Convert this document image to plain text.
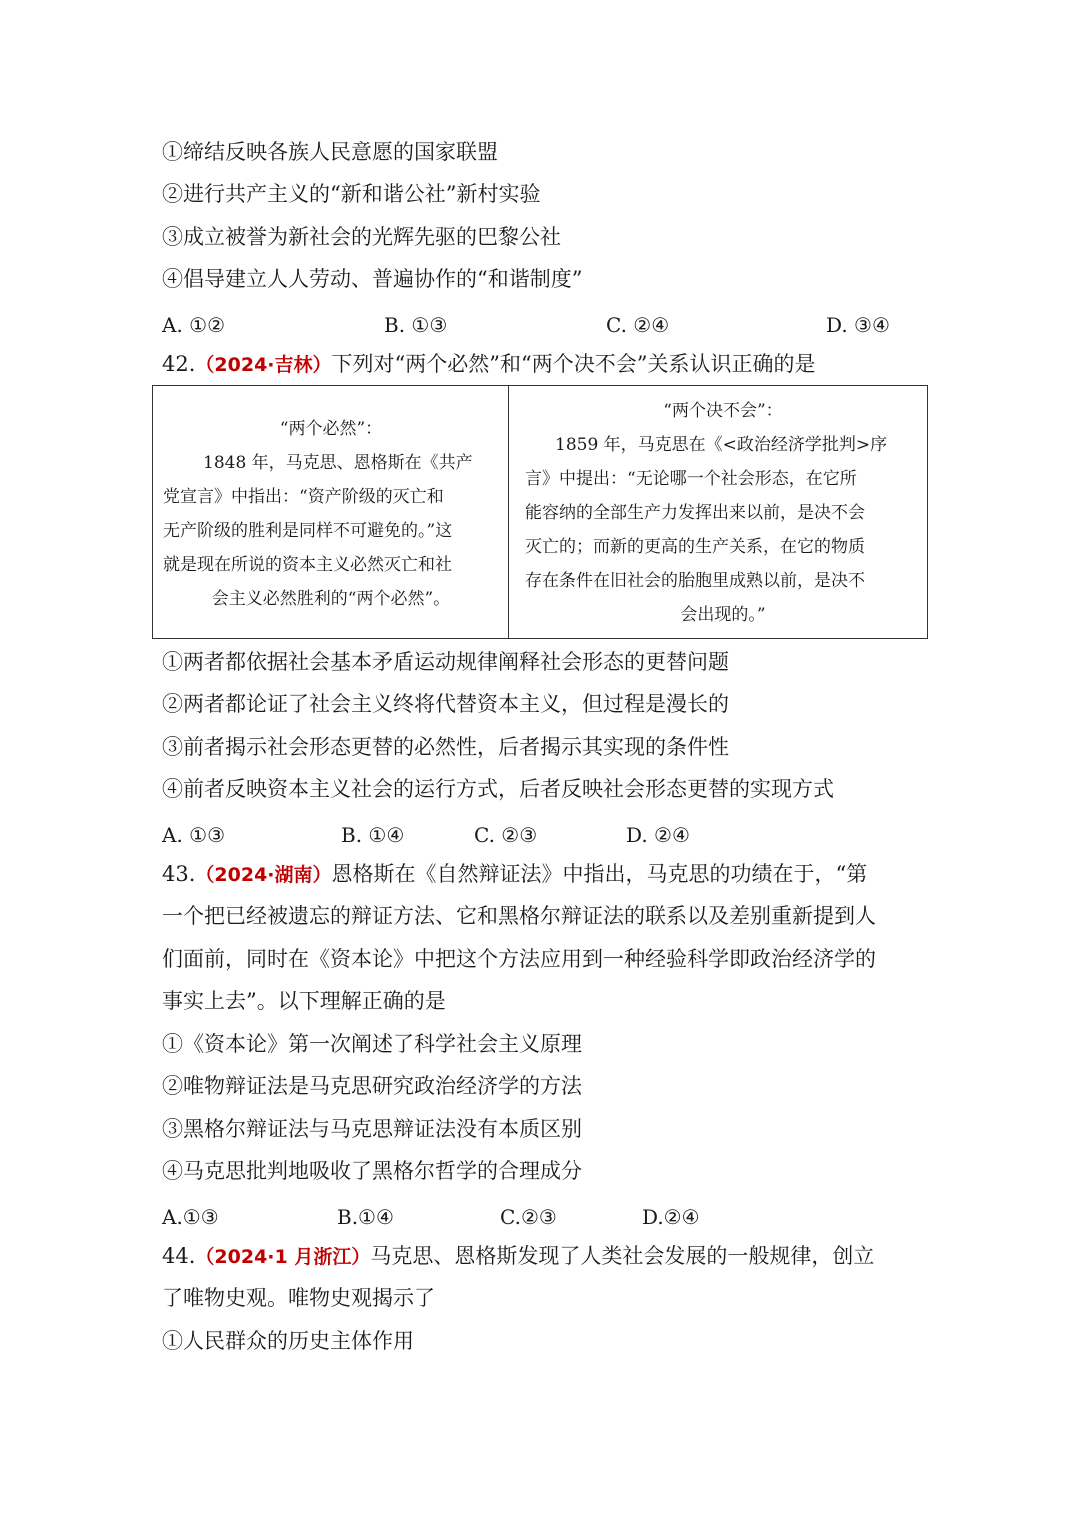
①缔结反映各族人民意愿的国家联盟
②进行共产主义的“新和谐公社”新村实验
③成立被誉为新社会的光辉先驱的巴黎公社
④倡导建立人人劳动、普遍协作的“和谐制度”
A. ①②	B. ①③	C. ②④	D. ③④
42.（2024·吉林）下列对“两个必然”和“两个决不会”关系认识正确的是
“两个必然”：
1848 年，马克思、恩格斯在《共产
党宣言》中指出：“资产阶级的灭亡和
无产阶级的胜利是同样不可避免的。”这
就是现在所说的资本主义必然灭亡和社
会主义必然胜利的“两个必然”。
“两个决不会”：
1859 年，马克思在《<政治经济学批判>序
言》中提出：“无论哪一个社会形态，在它所
能容纳的全部生产力发挥出来以前，是决不会
灭亡的；而新的更高的生产关系，在它的物质
存在条件在旧社会的胎胞里成熟以前，是决不
会出现的。”
①两者都依据社会基本矛盾运动规律阐释社会形态的更替问题
②两者都论证了社会主义终将代替资本主义，但过程是漫长的
③前者揭示社会形态更替的必然性，后者揭示其实现的条件性
④前者反映资本主义社会的运行方式，后者反映社会形态更替的实现方式
A. ①③	B. ①④	C. ②③	D. ②④
43.（2024·湖南）恩格斯在《自然辩证法》中指出，马克思的功绩在于，“第
一个把已经被遗忘的辩证方法、它和黑格尔辩证法的联系以及差别重新提到人
们面前，同时在《资本论》中把这个方法应用到一种经验科学即政治经济学的
事实上去”。以下理解正确的是
①《资本论》第一次阐述了科学社会主义原理
②唯物辩证法是马克思研究政治经济学的方法
③黑格尔辩证法与马克思辩证法没有本质区别
④马克思批判地吸收了黑格尔哲学的合理成分
A.①③	B.①④	C.②③	D.②④
44.（2024·1 月浙江）马克思、恩格斯发现了人类社会发展的一般规律，创立
了唯物史观。唯物史观揭示了
①人民群众的历史主体作用
